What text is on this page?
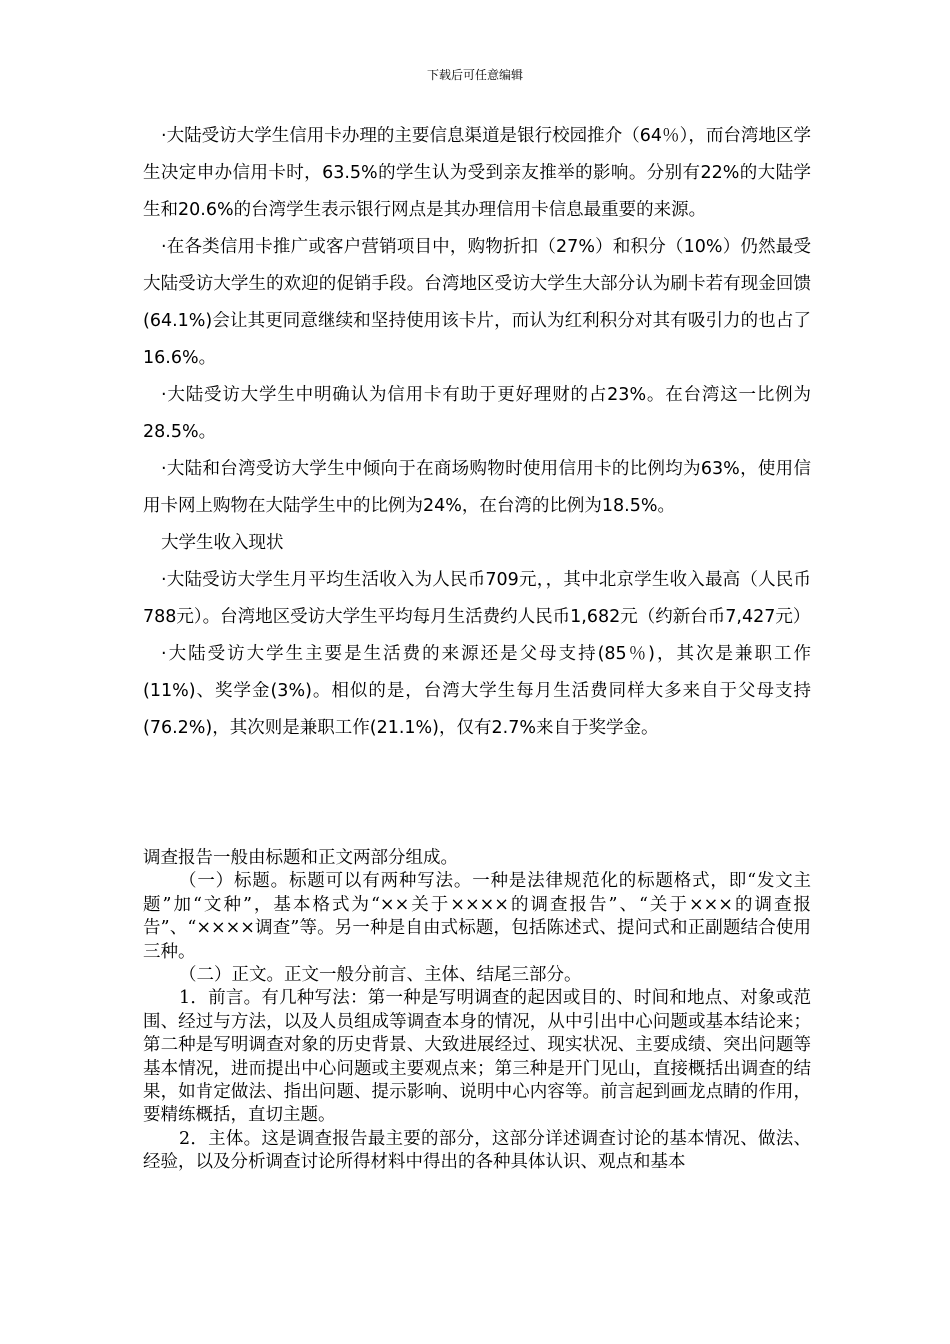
下载后可任意编辑

·大陆受访大学生信用卡办理的主要信息渠道是银行校园推介（64％），而台湾地区学生决定申办信用卡时，63.5%的学生认为受到亲友推举的影响。分别有22%的大陆学生和20.6%的台湾学生表示银行网点是其办理信用卡信息最重要的来源。

·在各类信用卡推广或客户营销项目中，购物折扣（27%）和积分（10%）仍然最受大陆受访大学生的欢迎的促销手段。台湾地区受访大学生大部分认为刷卡若有现金回馈(64.1%)会让其更同意继续和坚持使用该卡片，而认为红利积分对其有吸引力的也占了16.6%。

·大陆受访大学生中明确认为信用卡有助于更好理财的占23%。在台湾这一比例为28.5%。

·大陆和台湾受访大学生中倾向于在商场购物时使用信用卡的比例均为63%，使用信用卡网上购物在大陆学生中的比例为24%，在台湾的比例为18.5%。

大学生收入现状

·大陆受访大学生月平均生活收入为人民币709元，，其中北京学生收入最高（人民币788元）。台湾地区受访大学生平均每月生活费约人民币1,682元（约新台币7,427元）

·大陆受访大学生主要是生活费的来源还是父母支持(85％)，其次是兼职工作(11%)、奖学金(3%)。相似的是，台湾大学生每月生活费同样大多来自于父母支持(76.2%)，其次则是兼职工作(21.1%)，仅有2.7%来自于奖学金。

调查报告一般由标题和正文两部分组成。

（一）标题。标题可以有两种写法。一种是法律规范化的标题格式，即“发文主题”加“文种”，基本格式为“××关于××××的调查报告”、“关于×××的调查报告”、“××××调查”等。另一种是自由式标题，包括陈述式、提问式和正副题结合使用三种。

（二）正文。正文一般分前言、主体、结尾三部分。

1．前言。有几种写法：第一种是写明调查的起因或目的、时间和地点、对象或范围、经过与方法，以及人员组成等调查本身的情况，从中引出中心问题或基本结论来；第二种是写明调查对象的历史背景、大致进展经过、现实状况、主要成绩、突出问题等基本情况，进而提出中心问题或主要观点来；第三种是开门见山，直接概括出调查的结果，如肯定做法、指出问题、提示影响、说明中心内容等。前言起到画龙点睛的作用，要精练概括，直切主题。

2．主体。这是调查报告最主要的部分，这部分详述调查讨论的基本情况、做法、经验，以及分析调查讨论所得材料中得出的各种具体认识、观点和基本
